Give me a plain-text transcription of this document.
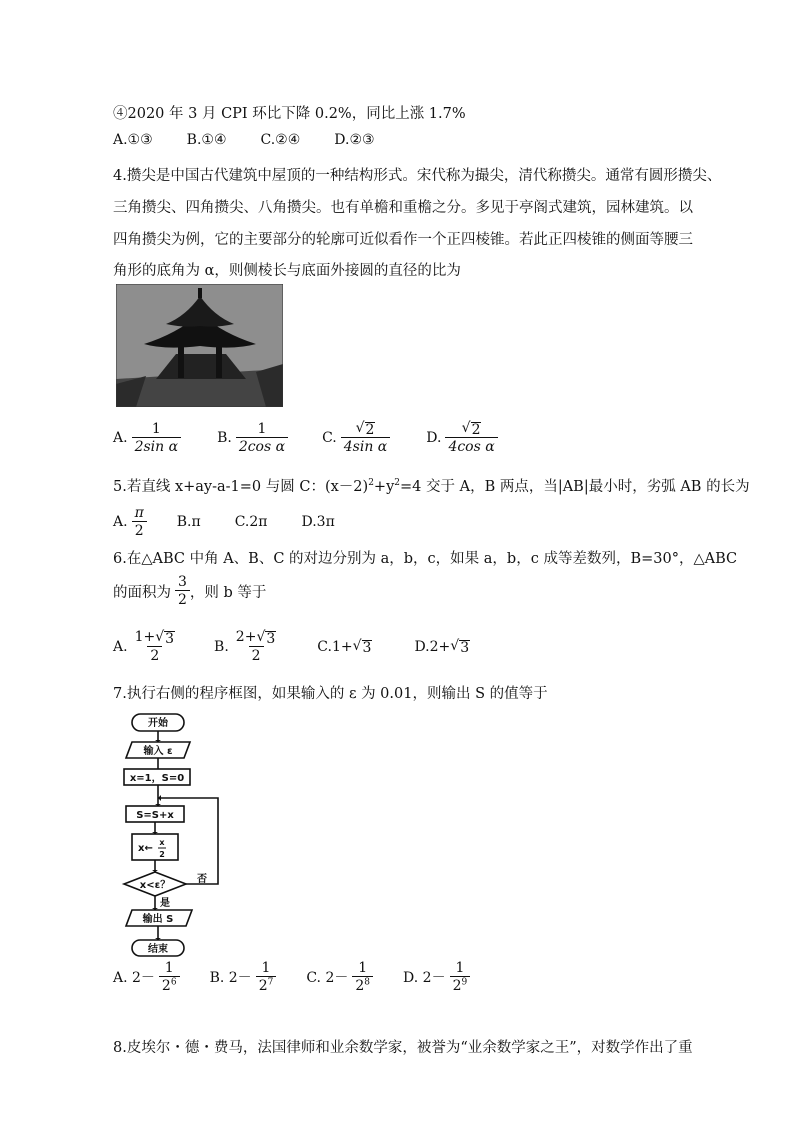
④2020 年 3 月 CPI 环比下降 0.2%，同比上涨 1.7%
A.①③ B.①④ C.②④ D.②③
4.攒尖是中国古代建筑中屋顶的一种结构形式。宋代称为撮尖，清代称攒尖。通常有圆形攒尖、
三角攒尖、四角攒尖、八角攒尖。也有单檐和重檐之分。多见于亭阁式建筑，园林建筑。以
四角攒尖为例，它的主要部分的轮廓可近似看作一个正四棱锥。若此正四棱锥的侧面等腰三
角形的底角为 α，则侧棱长与底面外接圆的直径的比为
A. $\frac{1}{\text{2sin α}}$	B. $\frac{1}{\text{2cos α}} C$. $\frac{√ 2}{\text{4sin α}}$	D. $\frac{√ 2}{\text{4cos α}}$
5.若直线 x+ay-a-1=0 与圆 C：$(x-2)^2+y^2=4$ 交于 A，B 两点，当|AB|最小时，劣弧 AB 的长为
A. $\frac{\pi}{2} B.\pi$ C.2π D.3π
6.在△ABC 中角 A、B、C 的对边分别为 a，b，c，如果 a，b，c 成等差数列，B=30°，△ABC
的面积为 $\frac{3}{2}$ ，则 b 等于
A. $\frac{1+ √ 3}{2}$	B. $\frac{2+ √ 3}{2}$	C.1+ √ 3	D.2+ √ 3
7.执行右侧的程序框图，如果输入的 ε 为 0.01，则输出 S 的值等于
开始
输入 ε
x=1，S=0
S=S+x
x←
x
2
x<ε？
否
是
输出 S
结束
A. $2- \frac{1}{2^6} B$. $2- \frac{1}{2^7} C$. $2- \frac{1}{2^8} D$. $2- \frac{1}{2^9}$
8.皮埃尔・德・费马，法国律师和业余数学家，被誉为“业余数学家之王”，对数学作出了重
